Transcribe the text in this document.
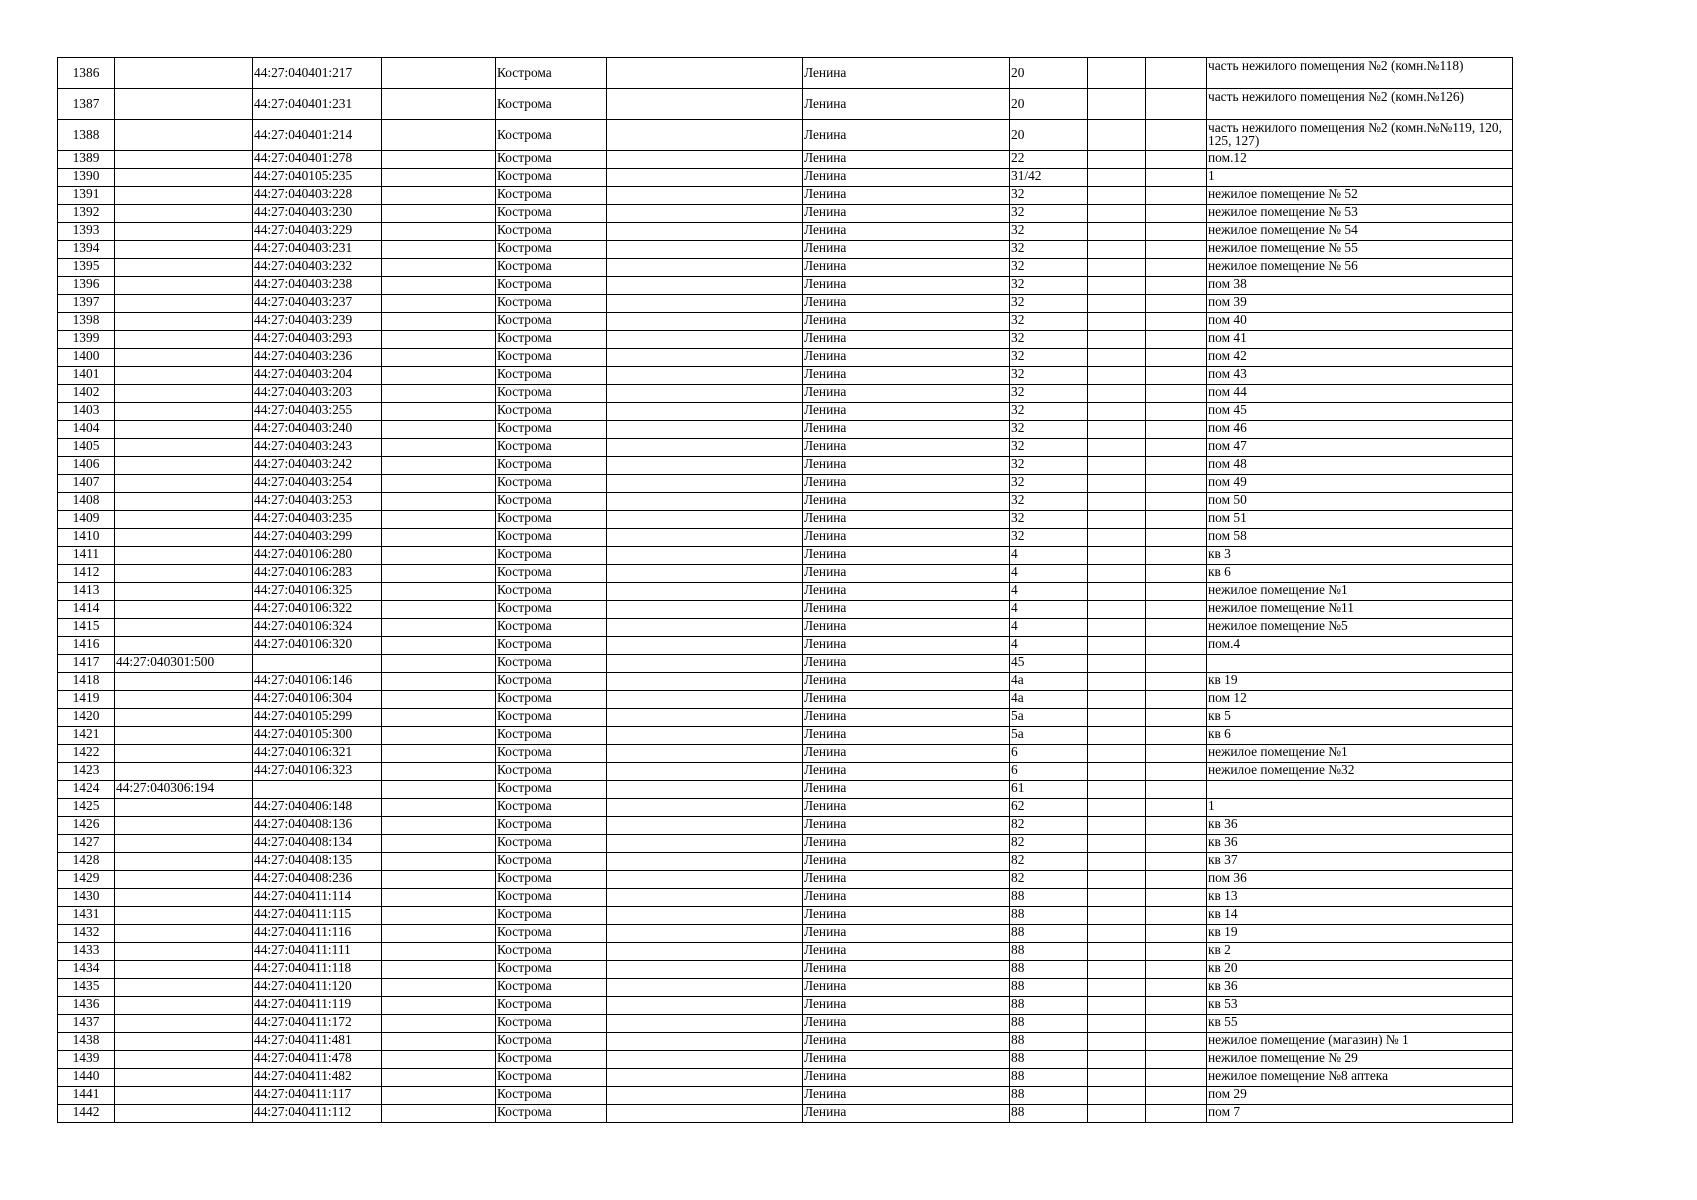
1386		44:27:040401:217		Кострома		Ленина	20			часть нежилого помещения №2 (комн.№118)
1387		44:27:040401:231		Кострома		Ленина	20			часть нежилого помещения №2 (комн.№126)
1388		44:27:040401:214		Кострома		Ленина	20			часть нежилого помещения №2 (комн.№№119, 120, 125, 127)
1389		44:27:040401:278		Кострома		Ленина	22			пом.12
1390		44:27:040105:235		Кострома		Ленина	31/42			1
1391		44:27:040403:228		Кострома		Ленина	32			нежилое помещение № 52
1392		44:27:040403:230		Кострома		Ленина	32			нежилое помещение № 53
1393		44:27:040403:229		Кострома		Ленина	32			нежилое помещение № 54
1394		44:27:040403:231		Кострома		Ленина	32			нежилое помещение № 55
1395		44:27:040403:232		Кострома		Ленина	32			нежилое помещение № 56
1396		44:27:040403:238		Кострома		Ленина	32			пом 38
1397		44:27:040403:237		Кострома		Ленина	32			пом 39
1398		44:27:040403:239		Кострома		Ленина	32			пом 40
1399		44:27:040403:293		Кострома		Ленина	32			пом 41
1400		44:27:040403:236		Кострома		Ленина	32			пом 42
1401		44:27:040403:204		Кострома		Ленина	32			пом 43
1402		44:27:040403:203		Кострома		Ленина	32			пом 44
1403		44:27:040403:255		Кострома		Ленина	32			пом 45
1404		44:27:040403:240		Кострома		Ленина	32			пом 46
1405		44:27:040403:243		Кострома		Ленина	32			пом 47
1406		44:27:040403:242		Кострома		Ленина	32			пом 48
1407		44:27:040403:254		Кострома		Ленина	32			пом 49
1408		44:27:040403:253		Кострома		Ленина	32			пом 50
1409		44:27:040403:235		Кострома		Ленина	32			пом 51
1410		44:27:040403:299		Кострома		Ленина	32			пом 58
1411		44:27:040106:280		Кострома		Ленина	4			кв 3
1412		44:27:040106:283		Кострома		Ленина	4			кв 6
1413		44:27:040106:325		Кострома		Ленина	4			нежилое помещение №1
1414		44:27:040106:322		Кострома		Ленина	4			нежилое помещение №11
1415		44:27:040106:324		Кострома		Ленина	4			нежилое помещение №5
1416		44:27:040106:320		Кострома		Ленина	4			пом.4
1417	44:27:040301:500			Кострома		Ленина	45			
1418		44:27:040106:146		Кострома		Ленина	4а			кв 19
1419		44:27:040106:304		Кострома		Ленина	4а			пом 12
1420		44:27:040105:299		Кострома		Ленина	5а			кв 5
1421		44:27:040105:300		Кострома		Ленина	5а			кв 6
1422		44:27:040106:321		Кострома		Ленина	6			нежилое помещение №1
1423		44:27:040106:323		Кострома		Ленина	6			нежилое помещение №32
1424	44:27:040306:194			Кострома		Ленина	61			
1425		44:27:040406:148		Кострома		Ленина	62			1
1426		44:27:040408:136		Кострома		Ленина	82			кв 36
1427		44:27:040408:134		Кострома		Ленина	82			кв 36
1428		44:27:040408:135		Кострома		Ленина	82			кв 37
1429		44:27:040408:236		Кострома		Ленина	82			пом 36
1430		44:27:040411:114		Кострома		Ленина	88			кв 13
1431		44:27:040411:115		Кострома		Ленина	88			кв 14
1432		44:27:040411:116		Кострома		Ленина	88			кв 19
1433		44:27:040411:111		Кострома		Ленина	88			кв 2
1434		44:27:040411:118		Кострома		Ленина	88			кв 20
1435		44:27:040411:120		Кострома		Ленина	88			кв 36
1436		44:27:040411:119		Кострома		Ленина	88			кв 53
1437		44:27:040411:172		Кострома		Ленина	88			кв 55
1438		44:27:040411:481		Кострома		Ленина	88			нежилое помещение (магазин) № 1
1439		44:27:040411:478		Кострома		Ленина	88			нежилое помещение № 29
1440		44:27:040411:482		Кострома		Ленина	88			нежилое помещение №8 аптека
1441		44:27:040411:117		Кострома		Ленина	88			пом 29
1442		44:27:040411:112		Кострома		Ленина	88			пом 7
